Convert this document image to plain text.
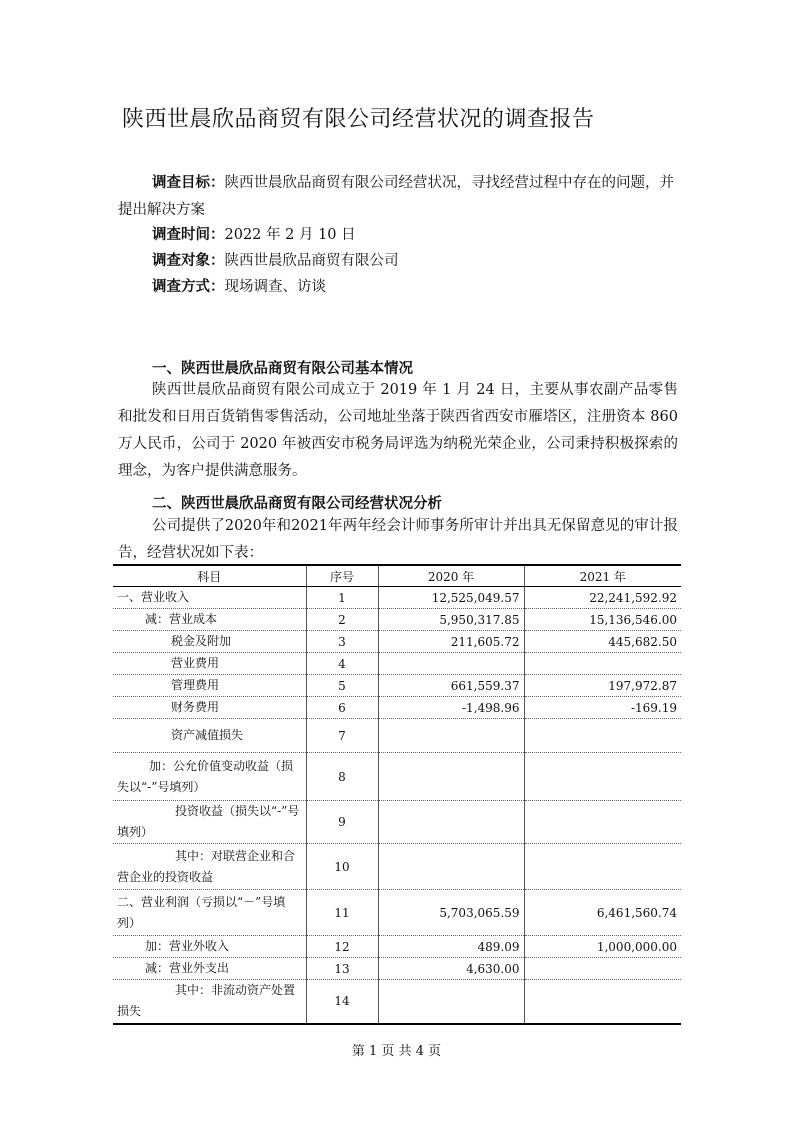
陕西世晨欣品商贸有限公司经营状况的调查报告
调查目标：陕西世晨欣品商贸有限公司经营状况，寻找经营过程中存在的问题，并提出解决方案
调查时间：2022 年 2 月 10 日
调查对象：陕西世晨欣品商贸有限公司
调查方式：现场调查、访谈
一、陕西世晨欣品商贸有限公司基本情况
陕西世晨欣品商贸有限公司成立于 2019 年 1 月 24 日，主要从事农副产品零售和批发和日用百货销售零售活动，公司地址坐落于陕西省西安市雁塔区，注册资本 860 万人民币，公司于 2020 年被西安市税务局评选为纳税光荣企业，公司秉持积极探索的理念，为客户提供满意服务。
二、陕西世晨欣品商贸有限公司经营状况分析
公司提供了2020年和2021年两年经会计师事务所审计并出具无保留意见的审计报告，经营状况如下表：
科目	序号	2020 年	2021 年
一、营业收入	1	12,525,049.57	22,241,592.92
减：营业成本	2	5,950,317.85	15,136,546.00
税金及附加	3	211,605.72	445,682.50
营业费用	4		
管理费用	5	661,559.37	197,972.87
财务费用	6	-1,498.96	-169.19
资产减值损失	7		
加：公允价值变动收益（损失以“-”号填列）	8		
投资收益（损失以“-”号填列）	9		
其中：对联营企业和合营企业的投资收益	10		
二、营业利润（亏损以“－”号填列）	11	5,703,065.59	6,461,560.74
加：营业外收入	12	489.09	1,000,000.00
减：营业外支出	13	4,630.00	
其中：非流动资产处置损失	14		
第 1 页 共 4 页
